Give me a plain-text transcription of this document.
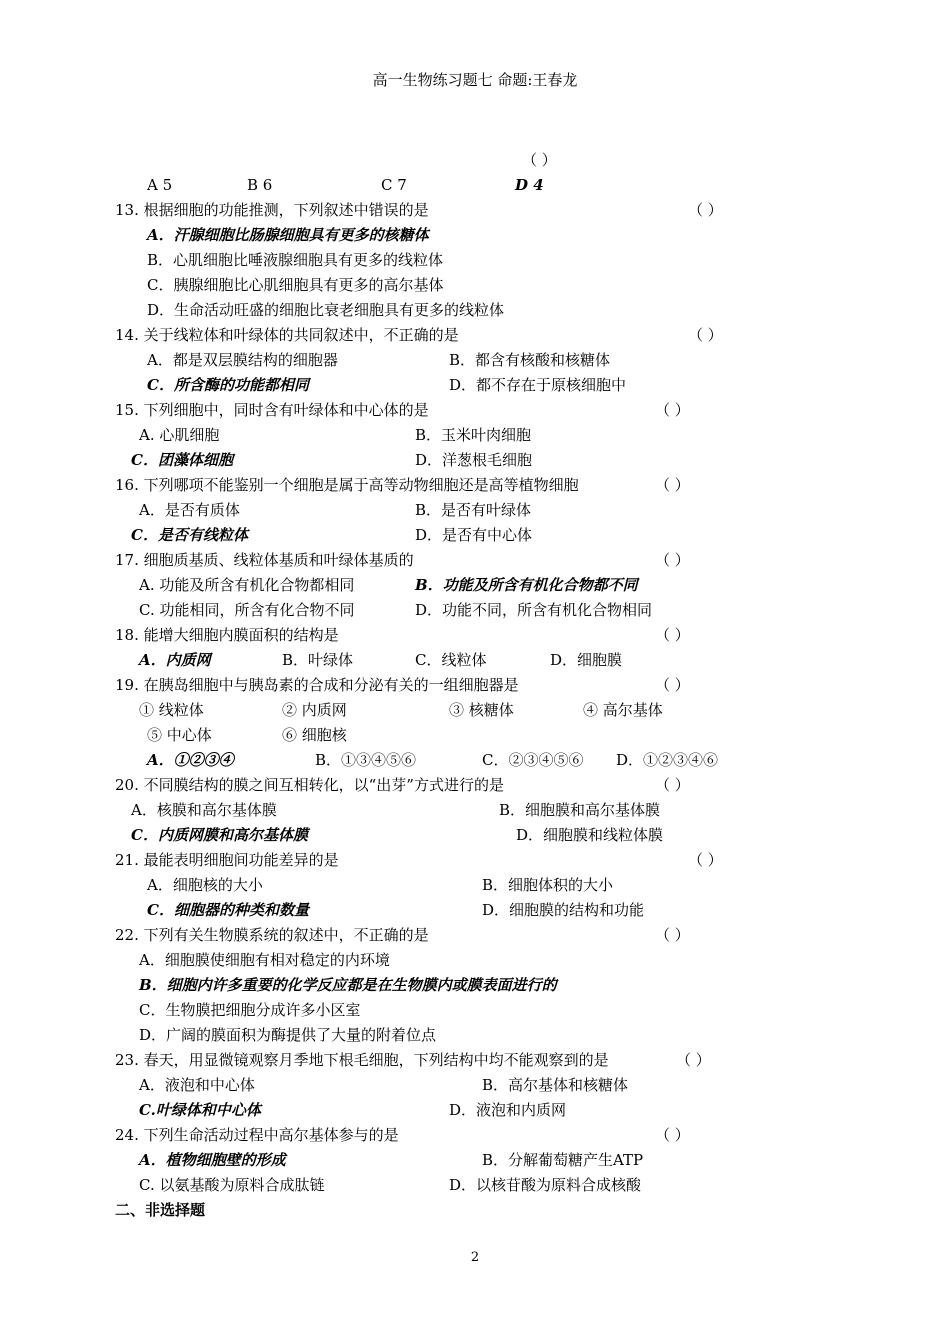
高一生物练习题七 命题:王春龙
（ ）
A 5	B 6	C 7	D 4
13. 根据细胞的功能推测，下列叙述中错误的是	（ ）
A．汗腺细胞比肠腺细胞具有更多的核糖体
B．心肌细胞比唾液腺细胞具有更多的线粒体
C．胰腺细胞比心肌细胞具有更多的高尔基体
D．生命活动旺盛的细胞比衰老细胞具有更多的线粒体
14. 关于线粒体和叶绿体的共同叙述中，不正确的是	（ ）
A．都是双层膜结构的细胞器	B．都含有核酸和核糖体
C．所含酶的功能都相同	D．都不存在于原核细胞中
15. 下列细胞中，同时含有叶绿体和中心体的是	（ ）
A. 心肌细胞	B．玉米叶肉细胞
C．团藻体细胞	D．洋葱根毛细胞
16. 下列哪项不能鉴别一个细胞是属于高等动物细胞还是高等植物细胞	（ ）
A．是否有质体	B．是否有叶绿体
C．是否有线粒体	D．是否有中心体
17. 细胞质基质、线粒体基质和叶绿体基质的	（ ）
A. 功能及所含有机化合物都相同	B．功能及所含有机化合物都不同
C. 功能相同，所含有化合物不同	D．功能不同，所含有机化合物相同
18. 能增大细胞内膜面积的结构是	（ ）
A．内质网	B．叶绿体	C．线粒体	D．细胞膜
19. 在胰岛细胞中与胰岛素的合成和分泌有关的一组细胞器是	（ ）
① 线粒体	② 内质网	③ 核糖体	④ 高尔基体
⑤ 中心体	⑥ 细胞核
A．①②③④	B．①③④⑤⑥	C．②③④⑤⑥ D．①②③④⑥
20. 不同膜结构的膜之间互相转化，以“出芽”方式进行的是	（ ）
A．核膜和高尔基体膜	B．细胞膜和高尔基体膜
C．内质网膜和高尔基体膜	D．细胞膜和线粒体膜
21. 最能表明细胞间功能差异的是	（ ）
A．细胞核的大小	B．细胞体积的大小
C．细胞器的种类和数量	D．细胞膜的结构和功能
22. 下列有关生物膜系统的叙述中，不正确的是	（ ）
A．细胞膜使细胞有相对稳定的内环境
B．细胞内许多重要的化学反应都是在生物膜内或膜表面进行的
C．生物膜把细胞分成许多小区室
D．广阔的膜面积为酶提供了大量的附着位点
23. 春天，用显微镜观察月季地下根毛细胞，下列结构中均不能观察到的是	（ ）
A．液泡和中心体	B．高尔基体和核糖体
C.叶绿体和中心体	D．液泡和内质网
24. 下列生命活动过程中高尔基体参与的是	（ ）
A．植物细胞壁的形成	B．分解葡萄糖产生ATP
C. 以氨基酸为原料合成肽链	D．以核苷酸为原料合成核酸
二、非选择题
2
